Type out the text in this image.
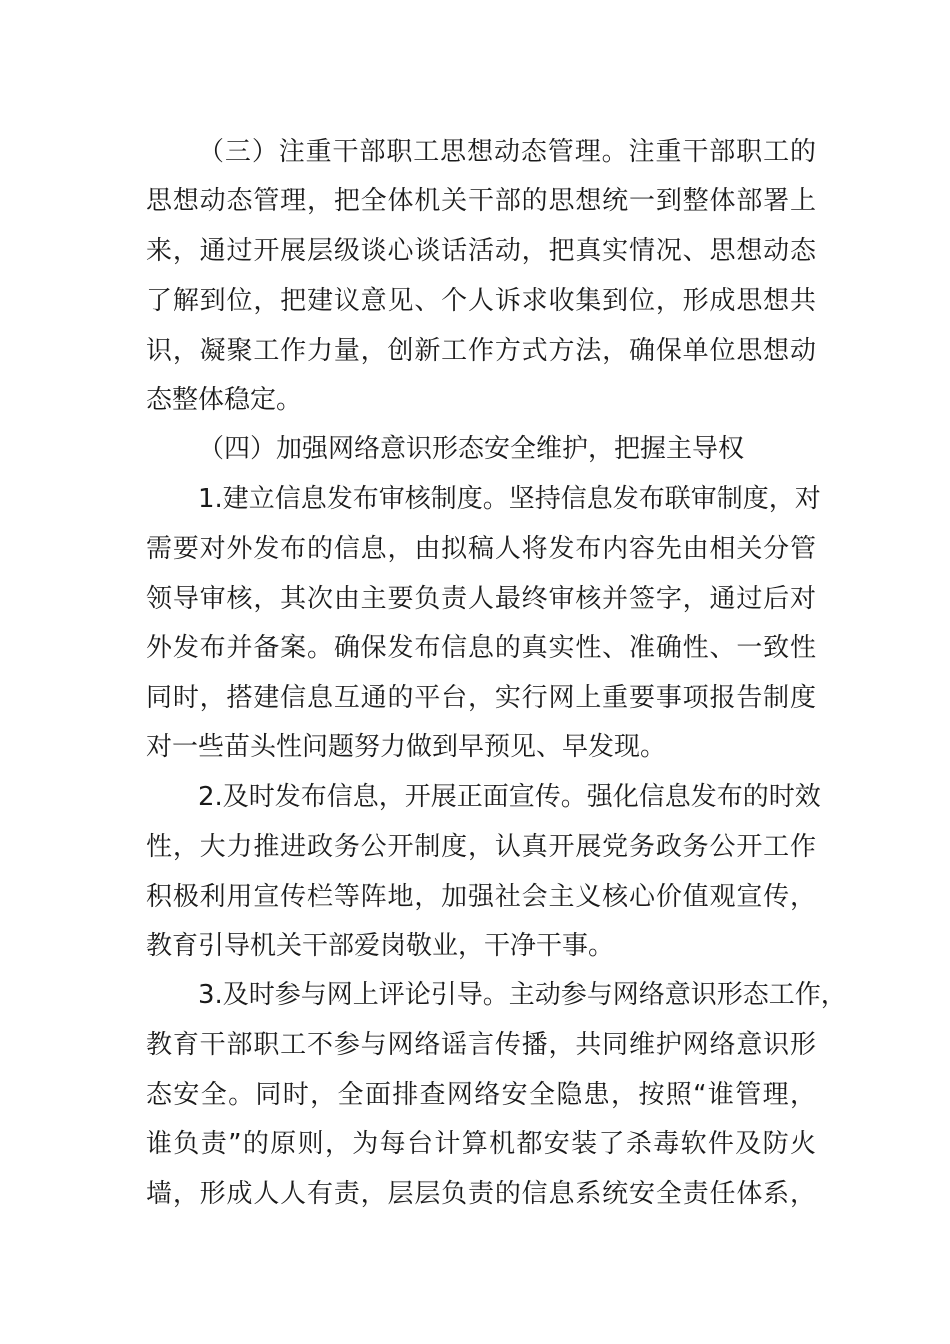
（三）注重干部职工思想动态管理。注重干部职工的
思想动态管理，把全体机关干部的思想统一到整体部署上
来，通过开展层级谈心谈话活动，把真实情况、思想动态
了解到位，把建议意见、个人诉求收集到位，形成思想共
识，凝聚工作力量，创新工作方式方法，确保单位思想动
态整体稳定。
（四）加强网络意识形态安全维护，把握主导权
1.建立信息发布审核制度。坚持信息发布联审制度，对
需要对外发布的信息，由拟稿人将发布内容先由相关分管
领导审核，其次由主要负责人最终审核并签字，通过后对
外发布并备案。确保发布信息的真实性、准确性、一致性
同时，搭建信息互通的平台，实行网上重要事项报告制度
对一些苗头性问题努力做到早预见、早发现。
2.及时发布信息，开展正面宣传。强化信息发布的时效
性，大力推进政务公开制度，认真开展党务政务公开工作
积极利用宣传栏等阵地，加强社会主义核心价值观宣传，
教育引导机关干部爱岗敬业，干净干事。
3.及时参与网上评论引导。主动参与网络意识形态工作，
教育干部职工不参与网络谣言传播，共同维护网络意识形
态安全。同时，全面排查网络安全隐患，按照“谁管理，
谁负责”的原则，为每台计算机都安装了杀毒软件及防火
墙，形成人人有责，层层负责的信息系统安全责任体系，
